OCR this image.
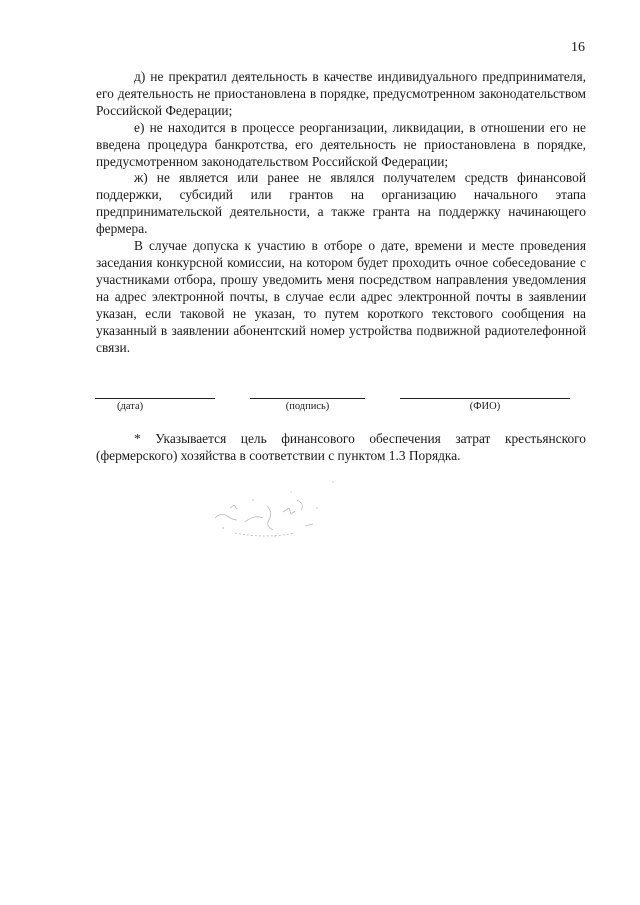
16

д) не прекратил деятельность в качестве индивидуального предпринимателя, его деятельность не приостановлена в порядке, предусмотренном законодательством Российской Федерации;

е) не находится в процессе реорганизации, ликвидации, в отношении его не введена процедура банкротства, его деятельность не приостановлена в порядке, предусмотренном законодательством Российской Федерации;

ж) не является или ранее не являлся получателем средств финансовой поддержки, субсидий или грантов на организацию начального этапа предпринимательской деятельности, а также гранта на поддержку начинающего фермера.

В случае допуска к участию в отборе о дате, времени и месте проведения заседания конкурсной комиссии, на котором будет проходить очное собеседование с участниками отбора, прошу уведомить меня посредством направления уведомления на адрес электронной почты, в случае если адрес электронной почты в заявлении указан, если таковой не указан, то путем короткого текстового сообщения на указанный в заявлении абонентский номер устройства подвижной радиотелефонной связи.

(дата)	(подпись)	(ФИО)

* Указывается цель финансового обеспечения затрат крестьянского (фермерского) хозяйства в соответствии с пунктом 1.3 Порядка.
